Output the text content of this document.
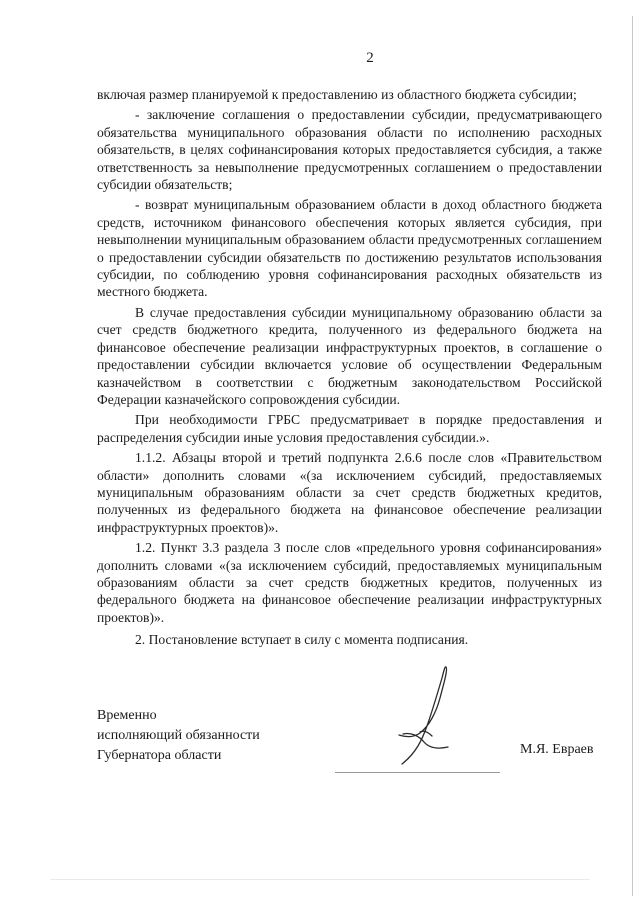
2

включая размер планируемой к предоставлению из областного бюджета субсидии;

- заключение соглашения о предоставлении субсидии, предусматривающего обязательства муниципального образования области по исполнению расходных обязательств, в целях софинансирования которых предоставляется субсидия, а также ответственность за невыполнение предусмотренных соглашением о предоставлении субсидии обязательств;

- возврат муниципальным образованием области в доход областного бюджета средств, источником финансового обеспечения которых является субсидия, при невыполнении муниципальным образованием области предусмотренных соглашением о предоставлении субсидии обязательств по достижению результатов использования субсидии, по соблюдению уровня софинансирования расходных обязательств из местного бюджета.

В случае предоставления субсидии муниципальному образованию области за счет средств бюджетного кредита, полученного из федерального бюджета на финансовое обеспечение реализации инфраструктурных проектов, в соглашение о предоставлении субсидии включается условие об осуществлении Федеральным казначейством в соответствии с бюджетным законодательством Российской Федерации казначейского сопровождения субсидии.

При необходимости ГРБС предусматривает в порядке предоставления и распределения субсидии иные условия предоставления субсидии.».

1.1.2. Абзацы второй и третий подпункта 2.6.6 после слов «Правительством области» дополнить словами «(за исключением субсидий, предоставляемых муниципальным образованиям области за счет средств бюджетных кредитов, полученных из федерального бюджета на финансовое обеспечение реализации инфраструктурных проектов)».

1.2. Пункт 3.3 раздела 3 после слов «предельного уровня софинансирования» дополнить словами «(за исключением субсидий, предоставляемых муниципальным образованиям области за счет средств бюджетных кредитов, полученных из федерального бюджета на финансовое обеспечение реализации инфраструктурных проектов)».

2. Постановление вступает в силу с момента подписания.

Временно
исполняющий обязанности
Губернатора области	М.Я. Евраев
